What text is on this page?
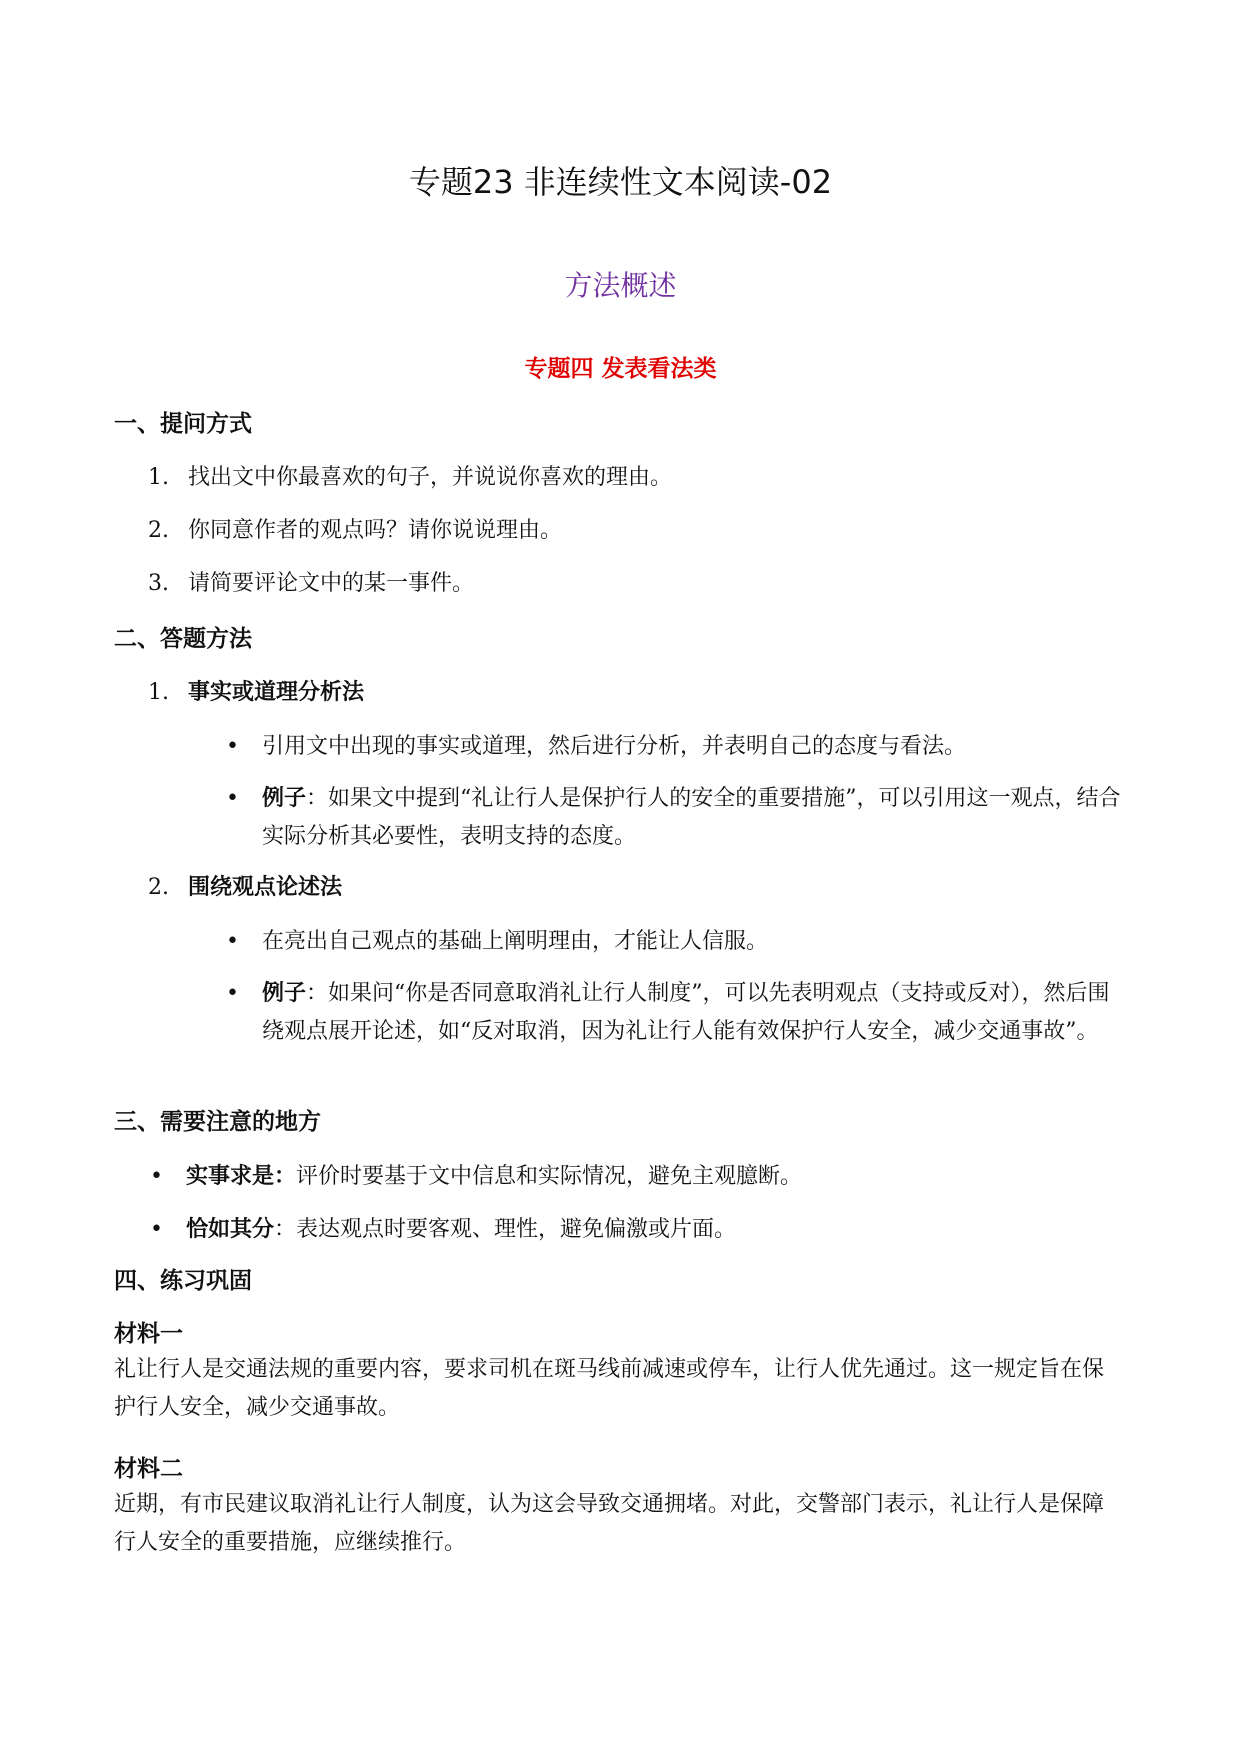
专题23 非连续性文本阅读-02
方法概述
专题四 发表看法类
一、提问方式
1. 找出文中你最喜欢的句子，并说说你喜欢的理由。
2. 你同意作者的观点吗？请你说说理由。
3. 请简要评论文中的某一事件。
二、答题方法
1. 事实或道理分析法
• 引用文中出现的事实或道理，然后进行分析，并表明自己的态度与看法。
• 例子：如果文中提到“礼让行人是保护行人的安全的重要措施”，可以引用这一观点，结合实际分析其必要性，表明支持的态度。
2. 围绕观点论述法
• 在亮出自己观点的基础上阐明理由，才能让人信服。
• 例子：如果问“你是否同意取消礼让行人制度”，可以先表明观点（支持或反对），然后围绕观点展开论述，如“反对取消，因为礼让行人能有效保护行人安全，减少交通事故”。
三、需要注意的地方
• 实事求是：评价时要基于文中信息和实际情况，避免主观臆断。
• 恰如其分：表达观点时要客观、理性，避免偏激或片面。
四、练习巩固
材料一
礼让行人是交通法规的重要内容，要求司机在斑马线前减速或停车，让行人优先通过。这一规定旨在保护行人安全，减少交通事故。
材料二
近期，有市民建议取消礼让行人制度，认为这会导致交通拥堵。对此，交警部门表示，礼让行人是保障行人安全的重要措施，应继续推行。
